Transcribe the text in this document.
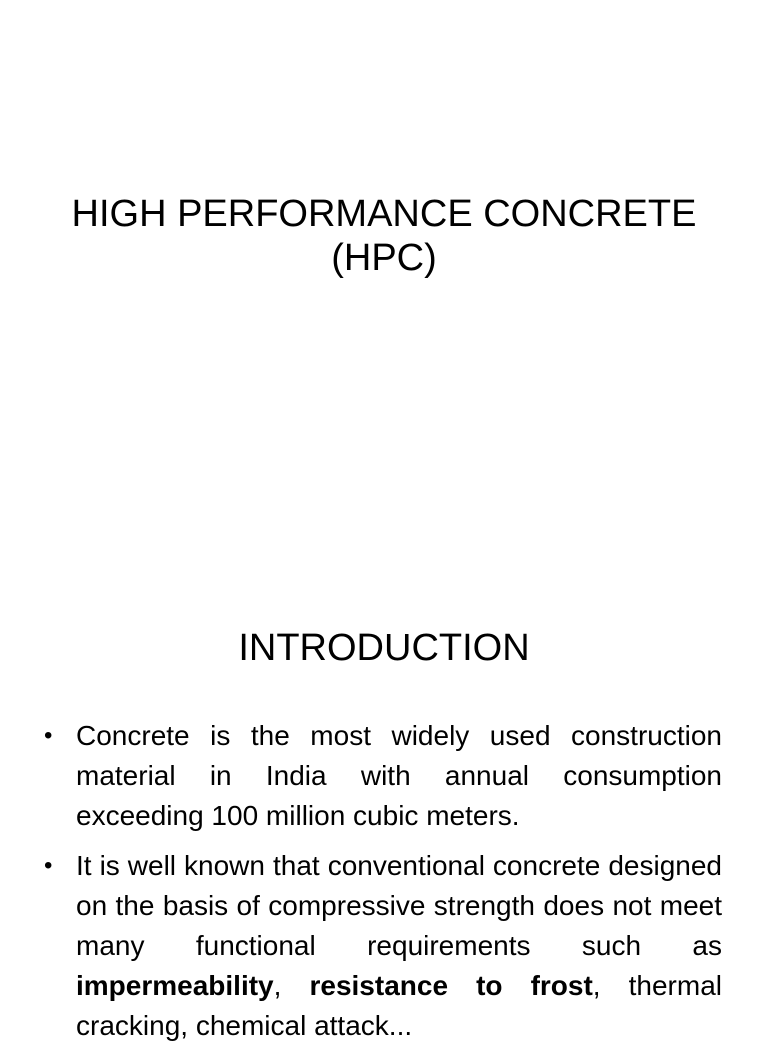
HIGH PERFORMANCE CONCRETE
(HPC)
INTRODUCTION
• Concrete is the most widely used construction material in India with annual consumption exceeding 100 million cubic meters.
• It is well known that conventional concrete designed on the basis of compressive strength does not meet many functional requirements such as impermeability, resistance to frost, thermal cracking, chemical attack...
